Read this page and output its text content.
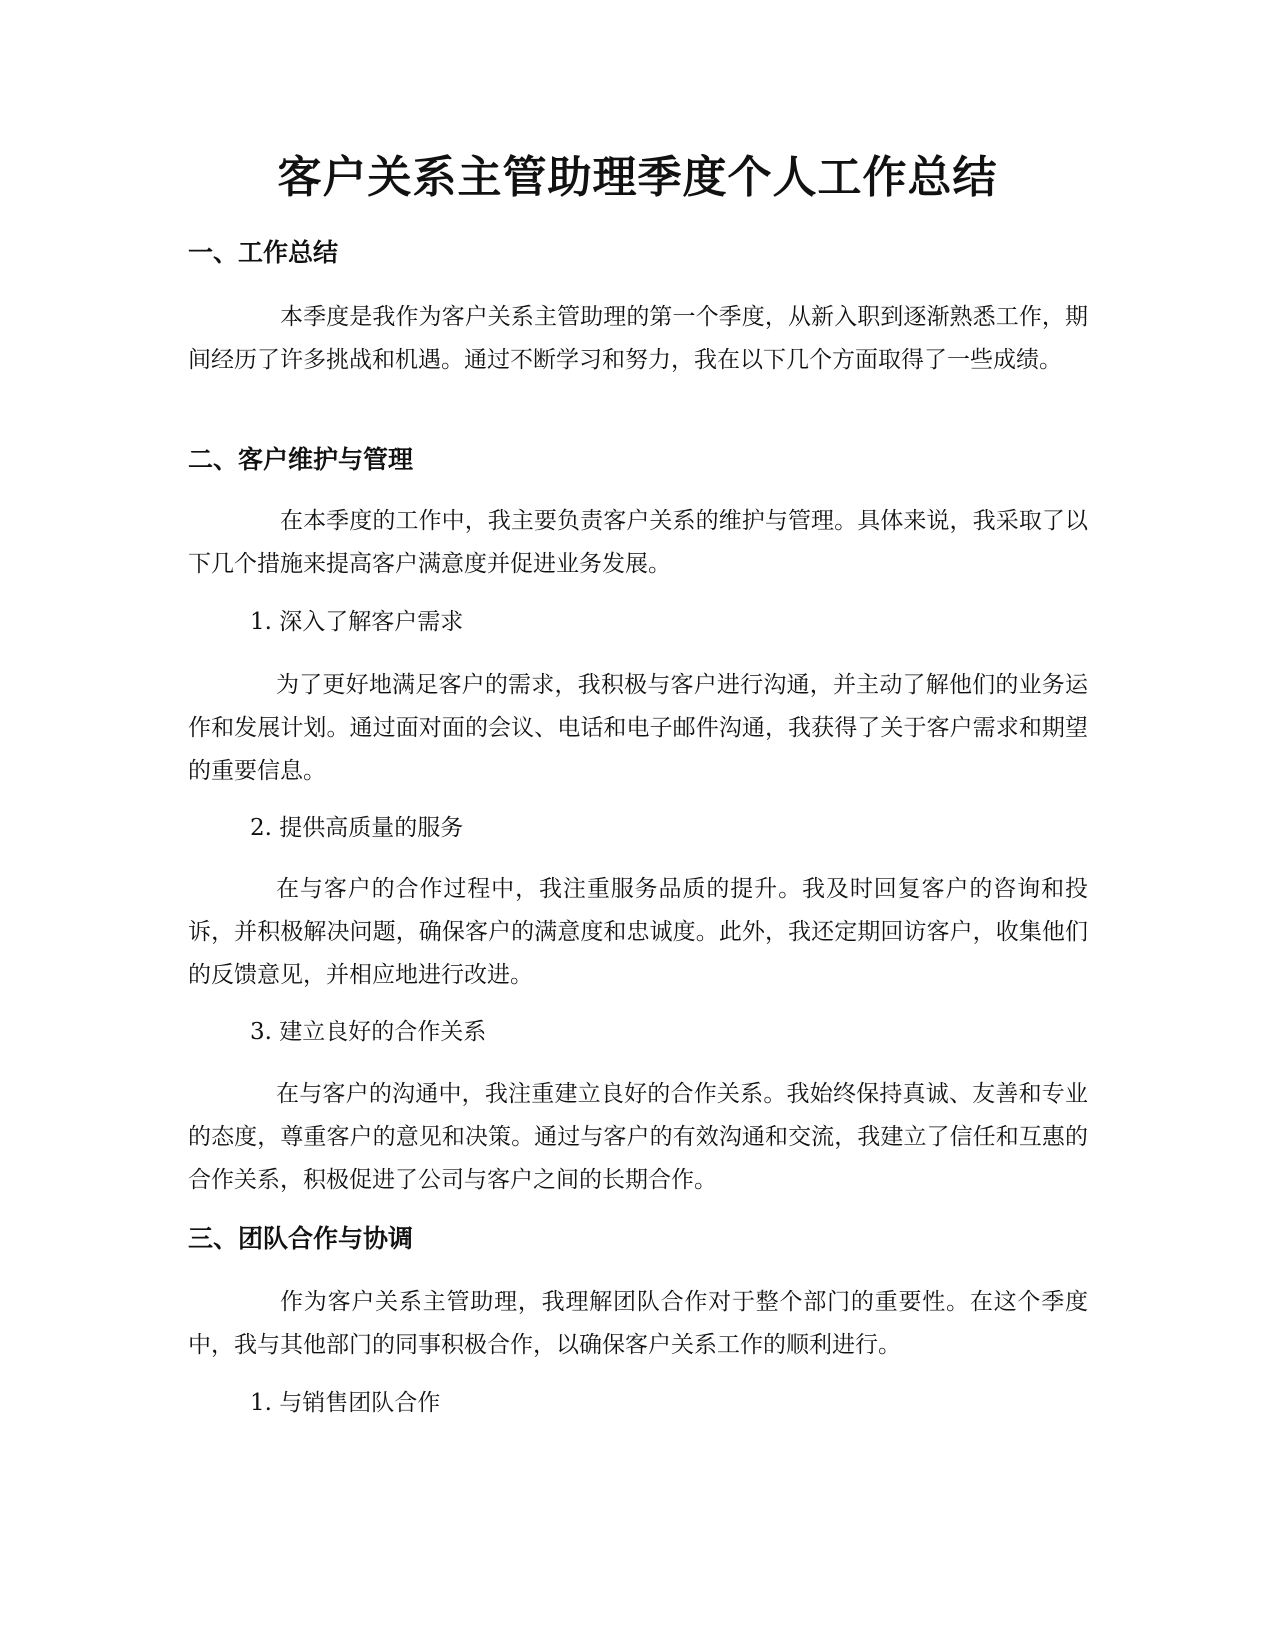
客户关系主管助理季度个人工作总结
一、工作总结

本季度是我作为客户关系主管助理的第一个季度，从新入职到逐渐熟悉工作，期间经历了许多挑战和机遇。通过不断学习和努力，我在以下几个方面取得了一些成绩。

二、客户维护与管理

在本季度的工作中，我主要负责客户关系的维护与管理。具体来说，我采取了以下几个措施来提高客户满意度并促进业务发展。

1. 深入了解客户需求

为了更好地满足客户的需求，我积极与客户进行沟通，并主动了解他们的业务运作和发展计划。通过面对面的会议、电话和电子邮件沟通，我获得了关于客户需求和期望的重要信息。

2. 提供高质量的服务

在与客户的合作过程中，我注重服务品质的提升。我及时回复客户的咨询和投诉，并积极解决问题，确保客户的满意度和忠诚度。此外，我还定期回访客户，收集他们的反馈意见，并相应地进行改进。

3. 建立良好的合作关系

在与客户的沟通中，我注重建立良好的合作关系。我始终保持真诚、友善和专业的态度，尊重客户的意见和决策。通过与客户的有效沟通和交流，我建立了信任和互惠的合作关系，积极促进了公司与客户之间的长期合作。

三、团队合作与协调

作为客户关系主管助理，我理解团队合作对于整个部门的重要性。在这个季度中，我与其他部门的同事积极合作，以确保客户关系工作的顺利进行。

1. 与销售团队合作
